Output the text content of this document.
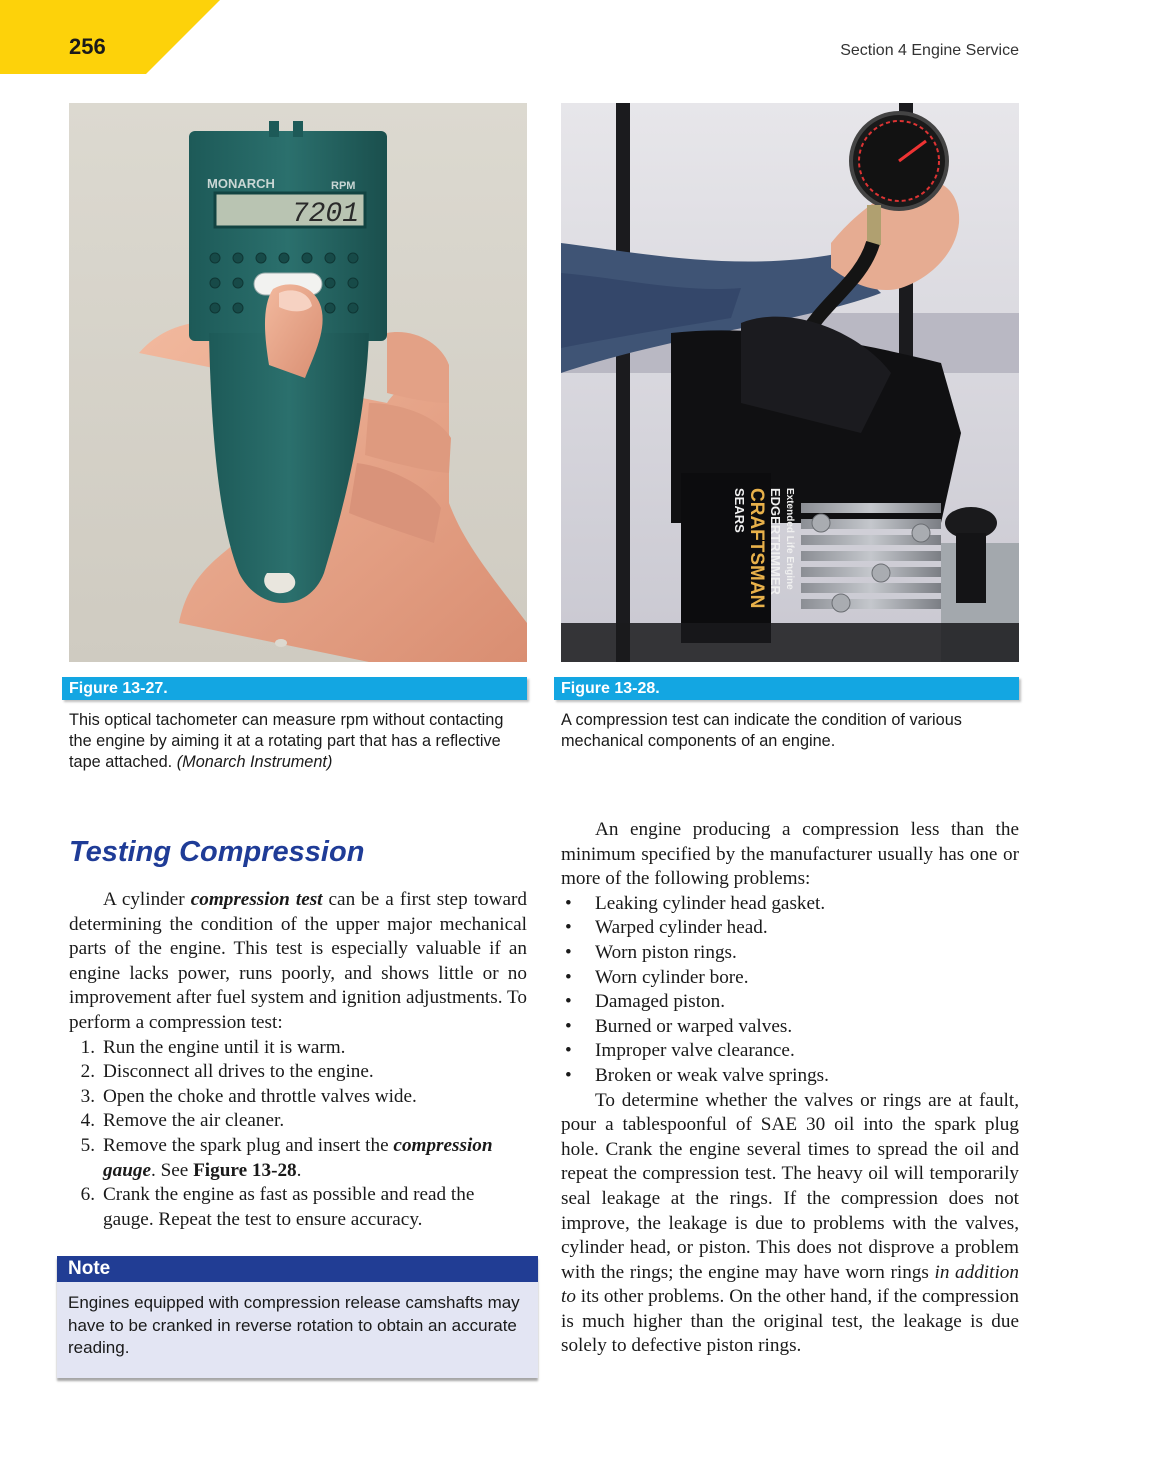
256	Section 4 Engine Service
MONARCH	RPM
7201
SEARS CRAFTSMAN EDGERTRIMMER Extended Life Engine
Figure 13-27.
This optical tachometer can measure rpm without contacting the engine by aiming it at a rotating part that has a reflective tape attached. (Monarch Instrument)
Figure 13-28.
A compression test can indicate the condition of various mechanical components of an engine.
Testing Compression

A cylinder compression test can be a first step toward determining the condition of the upper major mechanical parts of the engine. This test is especially valuable if an engine lacks power, runs poorly, and shows little or no improvement after fuel system and ignition adjustments. To perform a compression test:

1. Run the engine until it is warm.
2. Disconnect all drives to the engine.
3. Open the choke and throttle valves wide.
4. Remove the air cleaner.
5. Remove the spark plug and insert the compression gauge. See Figure 13-28.
6. Crank the engine as fast as possible and read the gauge. Repeat the test to ensure accuracy.
Note
Engines equipped with compression release camshafts may have to be cranked in reverse rotation to obtain an accurate reading.

An engine producing a compression less than the minimum specified by the manufacturer usually has one or more of the following problems:

• Leaking cylinder head gasket.
• Warped cylinder head.
• Worn piston rings.
• Worn cylinder bore.
• Damaged piston.
• Burned or warped valves.
• Improper valve clearance.
• Broken or weak valve springs.

To determine whether the valves or rings are at fault, pour a tablespoonful of SAE 30 oil into the spark plug hole. Crank the engine several times to spread the oil and repeat the compression test. The heavy oil will temporarily seal leakage at the rings. If the compression does not improve, the leakage is due to problems with the valves, cylinder head, or piston. This does not disprove a problem with the rings; the engine may have worn rings in addition to its other problems. On the other hand, if the compression is much higher than the original test, the leakage is due solely to defective piston rings.
